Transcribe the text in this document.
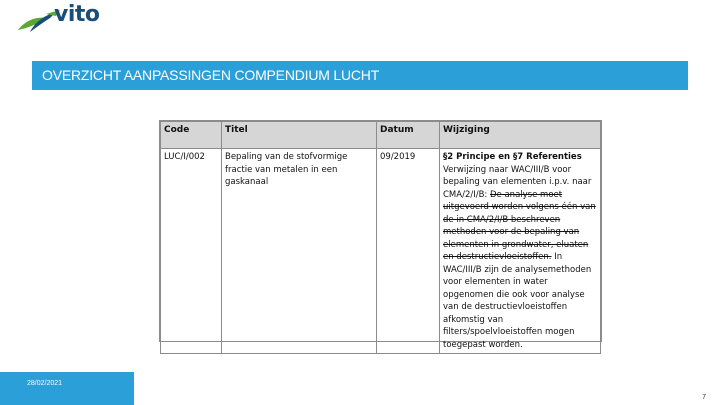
vito
OVERZICHT AANPASSINGEN COMPENDIUM LUCHT
Code	Titel	Datum	Wijziging
LUC/I/002	Bepaling van de stofvormige fractie van metalen in een gaskanaal	09/2019	§2 Principe en §7 Referenties
Verwijzing naar WAC/III/B voor bepaling van elementen i.p.v. naar CMA/2/I/B: De analyse moet uitgevoerd worden volgens één van de in CMA/2/I/B beschreven methoden voor de bepaling van elementen in grondwater, eluaten en destructievloeistoffen. In WAC/III/B zijn de analysemethoden voor elementen in water opgenomen die ook voor analyse van de destructievloeistoffen afkomstig van filters/spoelvloeistoffen mogen toegepast worden.
28/02/2021
7
